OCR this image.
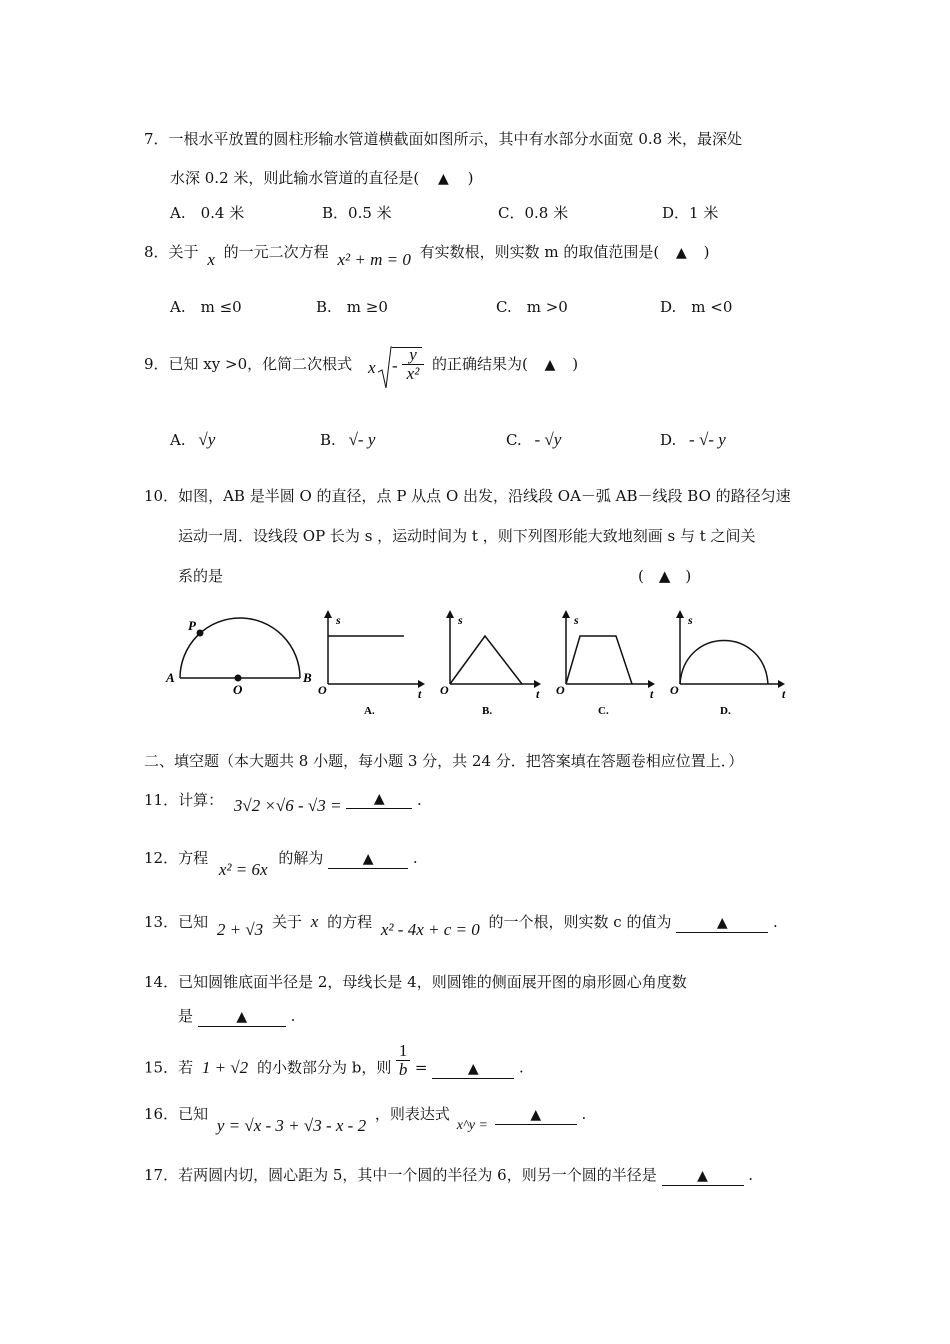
7．一根水平放置的圆柱形输水管道横截面如图所示，其中有水部分水面宽 0.8 米，最深处
水深 0.2 米，则此输水管道的直径是( ▲ )
A.　0.4 米	B．0.5 米	C．0.8 米	D．1 米
8．关于 x 的一元二次方程 x² + m = 0 有实数根，则实数 m 的取值范围是( ▲ )
A.　m ≤0	B.　m ≥0	C.　m >0	D.　m <0
9．已知 xy >0，化简二次根式 x - $\frac{y}{\text{x²}}$ 的正确结果为( ▲ )
A. √y	B. √- y	C. - √y	D. - √- y
10．如图，AB 是半圆 O 的直径，点 P 从点 O 出发，沿线段 OA－弧 AB－线段 BO 的路径匀速
运动一周．设线段 OP 长为 s ，运动时间为 t ，则下列图形能大致地刻画 s 与 t 之间关
系的是	(　▲　)
P
A
O
B
s
O	t
A.
s
O	t
B.
s
O	t
C.
s
O	t
D.
二、填空题（本大题共 8 小题，每小题 3 分，共 24 分．把答案填在答题卷相应位置上．）
11．计算： 3√2 ×√6 - √3 = ▲ .
12．方程 x² = 6x 的解为	▲	.
13．已知 2 + √3 关于 x 的方程 x² - 4x + c = 0 的一个根，则实数 c 的值为	▲	.
14．已知圆锥底面半径是 2，母线长是 4，则圆锥的侧面展开图的扇形圆心角度数
是	▲	.
15．若 1 + √2 的小数部分为 b，则 $\frac{1}{b}$ =	▲	.
16．已知 y = √x - 3 + √3 - x - 2 ，则表达式 x^y = ▲	.
17．若两圆内切，圆心距为 5，其中一个圆的半径为 6，则另一个圆的半径是	▲	.
